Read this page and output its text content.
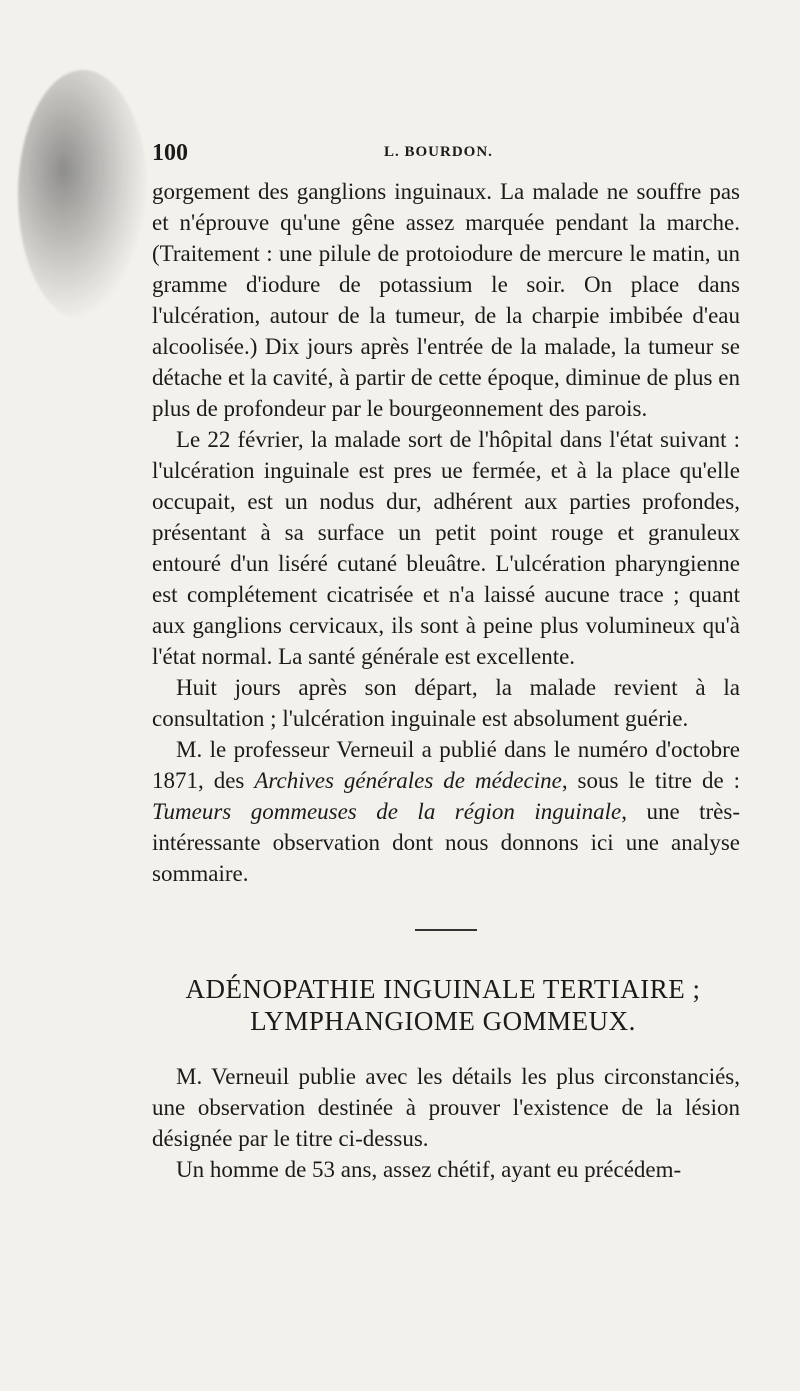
100	L. BOURDON.

gorgement des ganglions inguinaux. La malade ne souffre pas et n'éprouve qu'une gêne assez marquée pendant la marche. (Traitement : une pilule de protoiodure de mercure le matin, un gramme d'iodure de potassium le soir. On place dans l'ulcération, autour de la tumeur, de la charpie imbibée d'eau alcoolisée.) Dix jours après l'entrée de la malade, la tumeur se détache et la cavité, à partir de cette époque, diminue de plus en plus de profondeur par le bourgeonnement des parois.

Le 22 février, la malade sort de l'hôpital dans l'état suivant : l'ulcération inguinale est pres ue fermée, et à la place qu'elle occupait, est un nodus dur, adhérent aux parties profondes, présentant à sa surface un petit point rouge et granuleux entouré d'un liséré cutané bleuâtre. L'ulcération pharyngienne est complétement cicatrisée et n'a laissé aucune trace ; quant aux ganglions cervicaux, ils sont à peine plus volumineux qu'à l'état normal. La santé générale est excellente.

Huit jours après son départ, la malade revient à la consultation ; l'ulcération inguinale est absolument guérie.

M. le professeur Verneuil a publié dans le numéro d'octobre 1871, des Archives générales de médecine, sous le titre de : Tumeurs gommeuses de la région inguinale, une très-intéressante observation dont nous donnons ici une analyse sommaire.

ADÉNOPATHIE INGUINALE TERTIAIRE ; LYMPHANGIOME GOMMEUX.

M. Verneuil publie avec les détails les plus circonstanciés, une observation destinée à prouver l'existence de la lésion désignée par le titre ci-dessus.

Un homme de 53 ans, assez chétif, ayant eu précédem-
